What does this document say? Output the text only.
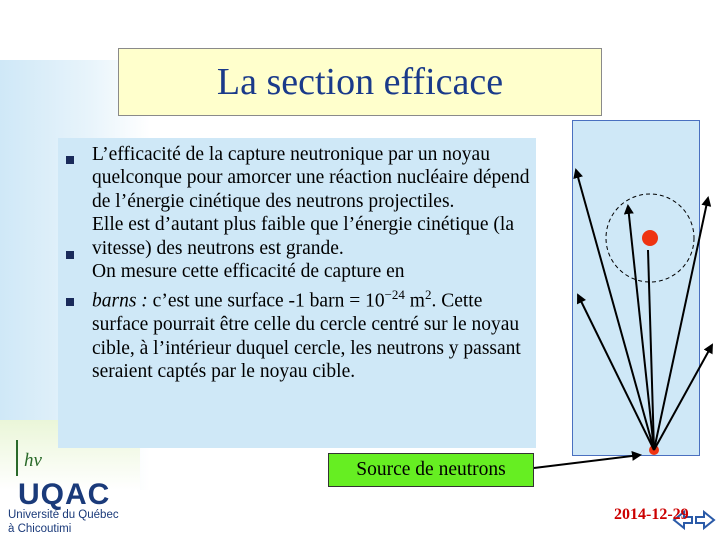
La section efficace

L’efficacité de la capture neutronique par un noyau quelconque pour amorcer une réaction nucléaire dépend de l’énergie cinétique des neutrons projectiles.

Elle est d’autant plus faible que l’énergie cinétique (la vitesse) des neutrons est grande.

On mesure cette efficacité de capture en
barns : c’est une surface -1 barn = $10^{-24}$ $m^2$. Cette surface pourrait être celle du cercle centré sur le noyau cible, à l’intérieur duquel cercle, les neutrons y passant seraient captés par le noyau cible.

Source de neutrons
hv
UQAC
Université du Québec
à Chicoutimi
2014-12-29
